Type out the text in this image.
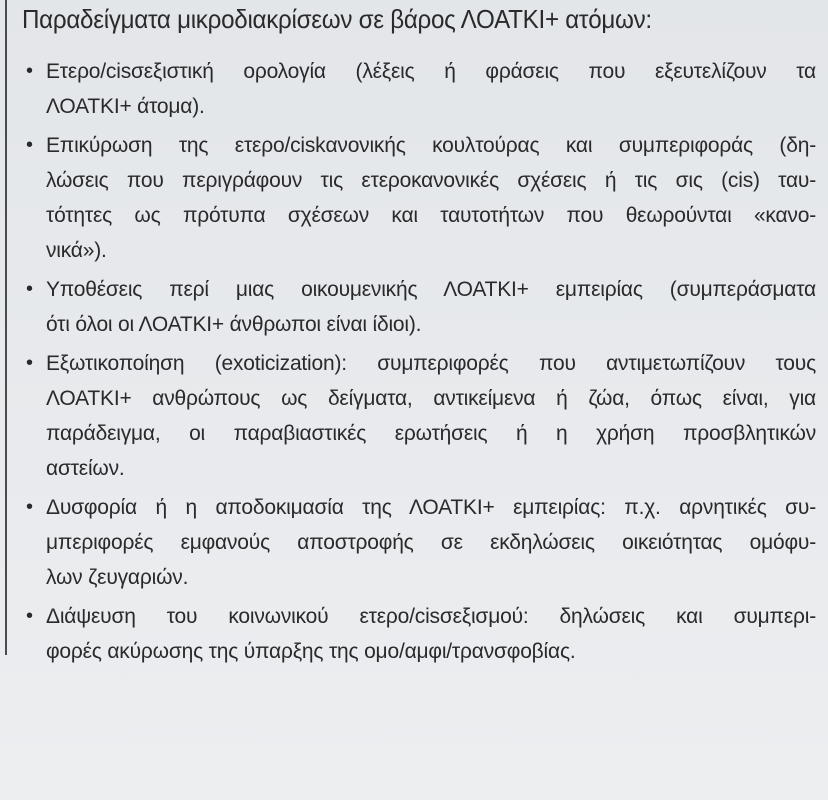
Παραδείγματα μικροδιακρίσεων σε βάρος ΛΟΑΤΚΙ+ ατόμων:
• Ετερο/cisσεξιστική ορολογία (λέξεις ή φράσεις που εξευτελίζουν τα
ΛΟΑΤΚΙ+ άτομα).
• Επικύρωση της ετερο/ciskανονικής κουλτούρας και συμπεριφοράς (δη-
λώσεις που περιγράφουν τις ετεροκανονικές σχέσεις ή τις σις (cis) ταυ-
τότητες ως πρότυπα σχέσεων και ταυτοτήτων που θεωρούνται «κανο-
νικά»).
• Υποθέσεις περί μιας οικουμενικής ΛΟΑΤΚΙ+ εμπειρίας (συμπεράσματα
ότι όλοι οι ΛΟΑΤΚΙ+ άνθρωποι είναι ίδιοι).
• Εξωτικοποίηση (exoticization): συμπεριφορές που αντιμετωπίζουν τους
ΛΟΑΤΚΙ+ ανθρώπους ως δείγματα, αντικείμενα ή ζώα, όπως είναι, για
παράδειγμα, οι παραβιαστικές ερωτήσεις ή η χρήση προσβλητικών
αστείων.
• Δυσφορία ή η αποδοκιμασία της ΛΟΑΤΚΙ+ εμπειρίας: π.χ. αρνητικές συ-
μπεριφορές εμφανούς αποστροφής σε εκδηλώσεις οικειότητας ομόφυ-
λων ζευγαριών.
• Διάψευση του κοινωνικού ετερο/cisσεξισμού: δηλώσεις και συμπερι-
φορές ακύρωσης της ύπαρξης της ομο/αμφι/τρανσφοβίας.
